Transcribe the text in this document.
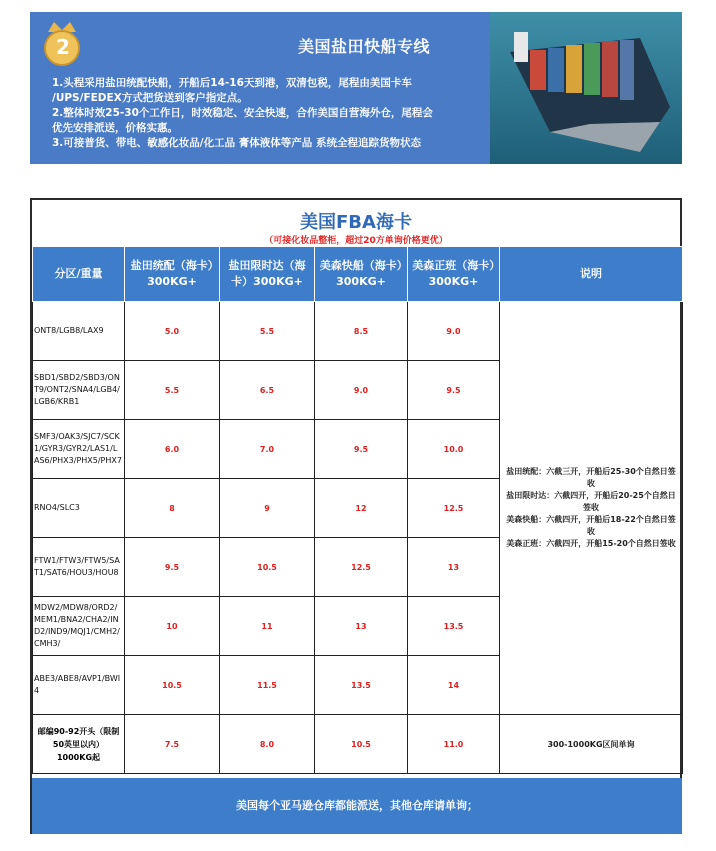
2	美国盐田快船专线
1.头程采用盐田统配快船，开船后14-16天到港，双清包税，尾程由美国卡车
/UPS/FEDEX方式把货送到客户指定点。
2.整体时效25-30个工作日，时效稳定、安全快速，合作美国自营海外仓，尾程会
优先安排派送，价格实惠。
3.可接普货、带电、敏感化妆品/化工品 膏体液体等产品 系统全程追踪货物状态
美国FBA海卡
（可接化妆品整柜，超过20方单询价格更优）
分区/重量	盐田统配（海卡）300KG+	盐田限时达（海卡）300KG+	美森快船（海卡）300KG+	美森正班（海卡）300KG+	说明
ONT8/LGB8/LAX9	5.0	5.5	8.5	9.0	盐田统配：六截三开，开船后25-30个自然日签收
盐田限时达：六截四开，开船后20-25个自然日签收
美森快船：六截四开，开船后18-22个自然日签收
美森正班：六截四开，开船15-20个自然日签收

SBD1/SBD2/SBD3/ONT9/ONT2/SNA4/LGB4/LGB6/KRB1	5.5	6.5	9.0	9.5	
SMF3/OAK3/SJC7/SCK1/GYR3/GYR2/LAS1/LAS6/PHX3/PHX5/PHX7	6.0	7.0	9.5	10.0	
RNO4/SLC3	8	9	12	12.5	
FTW1/FTW3/FTW5/SAT1/SAT6/HOU3/HOU8	9.5	10.5	12.5	13	
MDW2/MDW8/ORD2/MEM1/BNA2/CHA2/IND2/IND9/MQJ1/CMH2/CMH3/	10	11	13	13.5	
ABE3/ABE8/AVP1/BWI4	10.5	11.5	13.5	14	
邮编90-92开头（限制50英里以内）1000KG起	7.5	8.0	10.5	11.0	300-1000KG区间单询
美国每个亚马逊仓库都能派送，其他仓库请单询；
